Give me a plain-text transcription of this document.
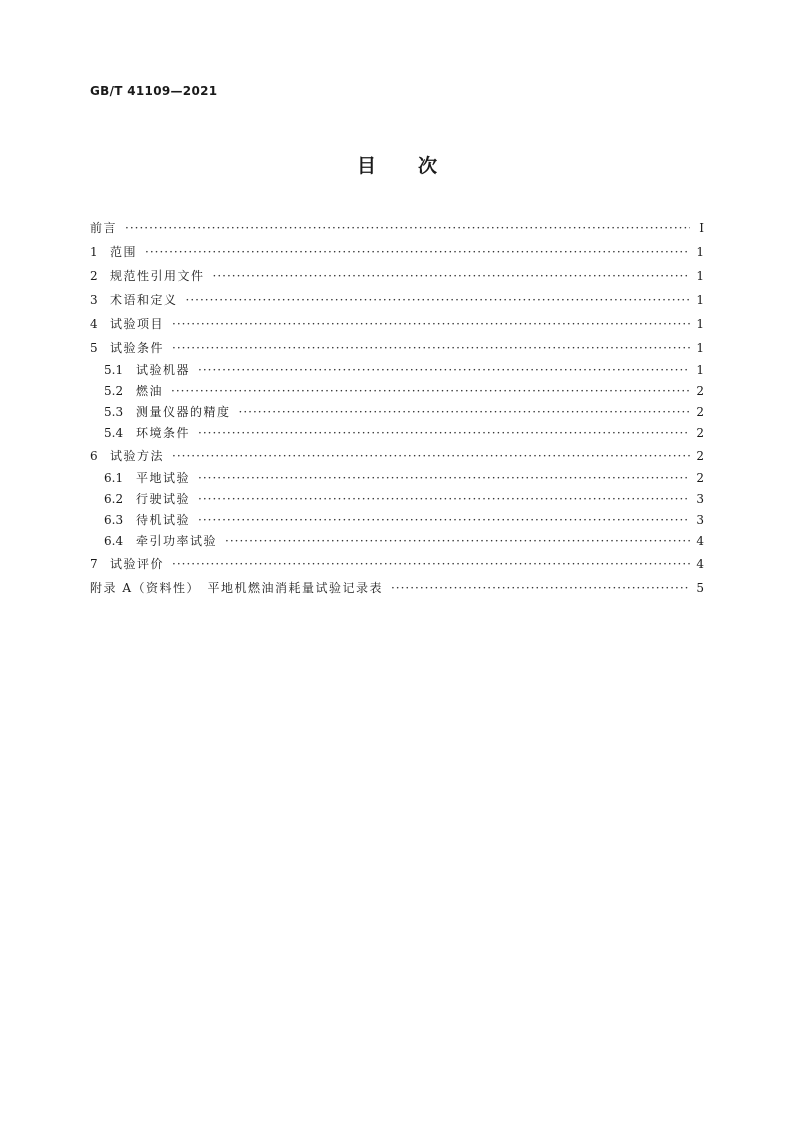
GB/T 41109—2021
目 次
前言 ·····	Ⅰ
1	范围 ·····	1
2	规范性引用文件 ·····	1
3	术语和定义 ·····	1
4	试验项目 ·····	1
5	试验条件 ·····	1
5.1	试验机器 ·····	1
5.2	燃油 ·····	2
5.3	测量仪器的精度 ·····	2
5.4	环境条件 ·····	2
6	试验方法 ·····	2
6.1	平地试验 ·····	2
6.2	行驶试验 ·····	3
6.3	待机试验 ·····	3
6.4	牵引功率试验 ·····	4
7	试验评价 ·····	4
附录 A（资料性）　平地机燃油消耗量试验记录表 ·····	5
